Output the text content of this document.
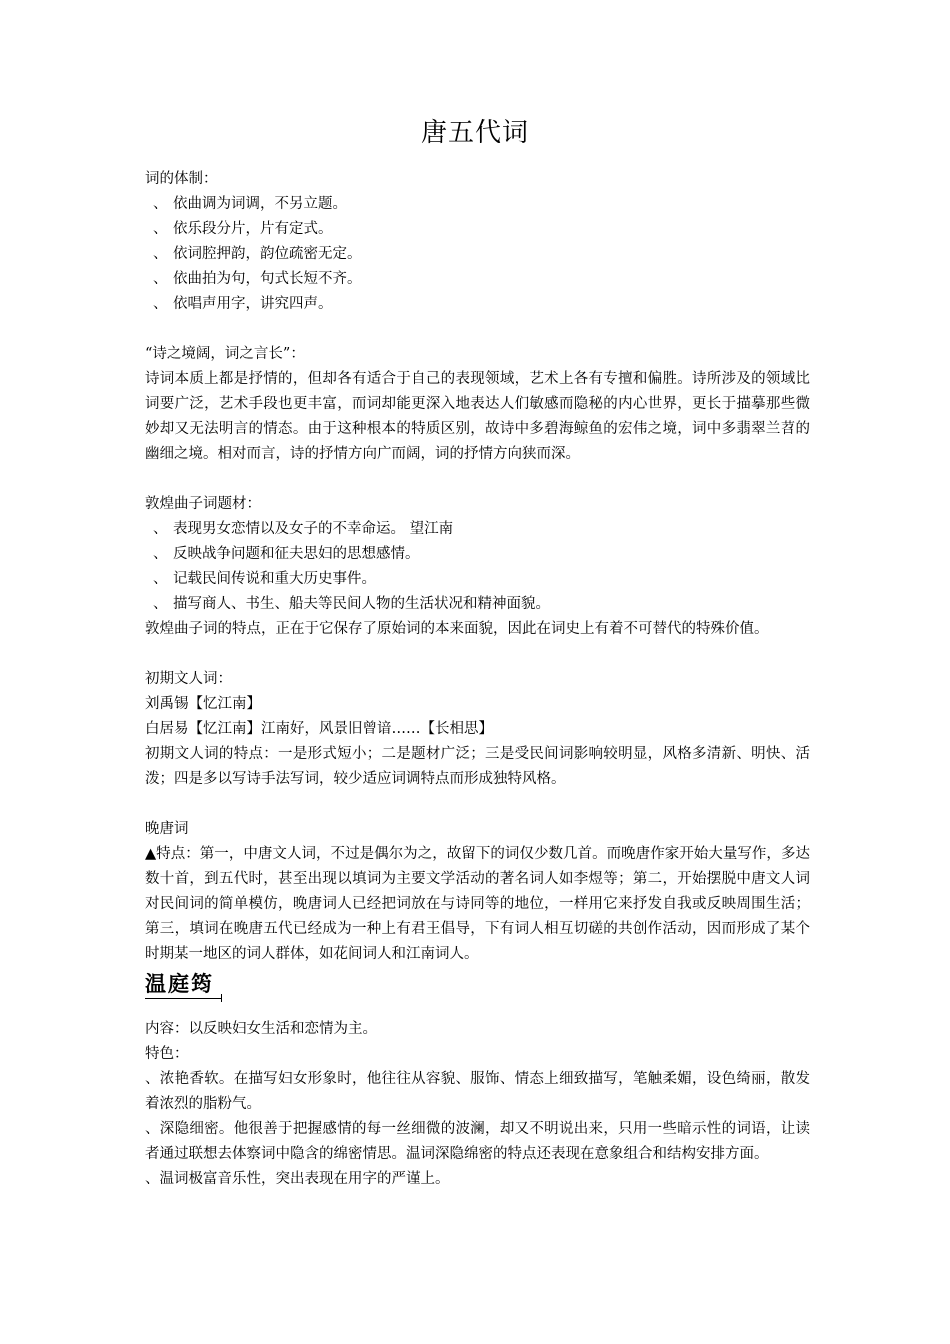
唐五代词

词的体制：

、 依曲调为词调，不另立题。

、 依乐段分片，片有定式。

、 依词腔押韵，韵位疏密无定。

、 依曲拍为句，句式长短不齐。

、 依唱声用字，讲究四声。

“诗之境阔，词之言长”：

诗词本质上都是抒情的，但却各有适合于自己的表现领域，艺术上各有专擅和偏胜。诗所涉及的领域比词要广泛，艺术手段也更丰富，而词却能更深入地表达人们敏感而隐秘的内心世界，更长于描摹那些微妙却又无法明言的情态。由于这种根本的特质区别，故诗中多碧海鲸鱼的宏伟之境，词中多翡翠兰苕的幽细之境。相对而言，诗的抒情方向广而阔，词的抒情方向狭而深。

敦煌曲子词题材：

、 表现男女恋情以及女子的不幸命运。 望江南

、 反映战争问题和征夫思妇的思想感情。

、 记载民间传说和重大历史事件。

、 描写商人、书生、船夫等民间人物的生活状况和精神面貌。

敦煌曲子词的特点，正在于它保存了原始词的本来面貌，因此在词史上有着不可替代的特殊价值。

初期文人词：

刘禹锡【忆江南】

白居易【忆江南】江南好，风景旧曾谙……【长相思】

初期文人词的特点：一是形式短小；二是题材广泛；三是受民间词影响较明显，风格多清新、明快、活泼；四是多以写诗手法写词，较少适应词调特点而形成独特风格。

晚唐词

▲特点：第一，中唐文人词，不过是偶尔为之，故留下的词仅少数几首。而晚唐作家开始大量写作，多达数十首，到五代时，甚至出现以填词为主要文学活动的著名词人如李煜等；第二，开始摆脱中唐文人词对民间词的简单模仿，晚唐词人已经把词放在与诗同等的地位，一样用它来抒发自我或反映周围生活；第三，填词在晚唐五代已经成为一种上有君王倡导，下有词人相互切磋的共创作活动，因而形成了某个时期某一地区的词人群体，如花间词人和江南词人。

温庭筠

内容：以反映妇女生活和恋情为主。

特色：

、浓艳香软。在描写妇女形象时，他往往从容貌、服饰、情态上细致描写，笔触柔媚，设色绮丽，散发着浓烈的脂粉气。

、深隐细密。他很善于把握感情的每一丝细微的波澜，却又不明说出来，只用一些暗示性的词语，让读者通过联想去体察词中隐含的绵密情思。温词深隐绵密的特点还表现在意象组合和结构安排方面。

、温词极富音乐性，突出表现在用字的严谨上。
